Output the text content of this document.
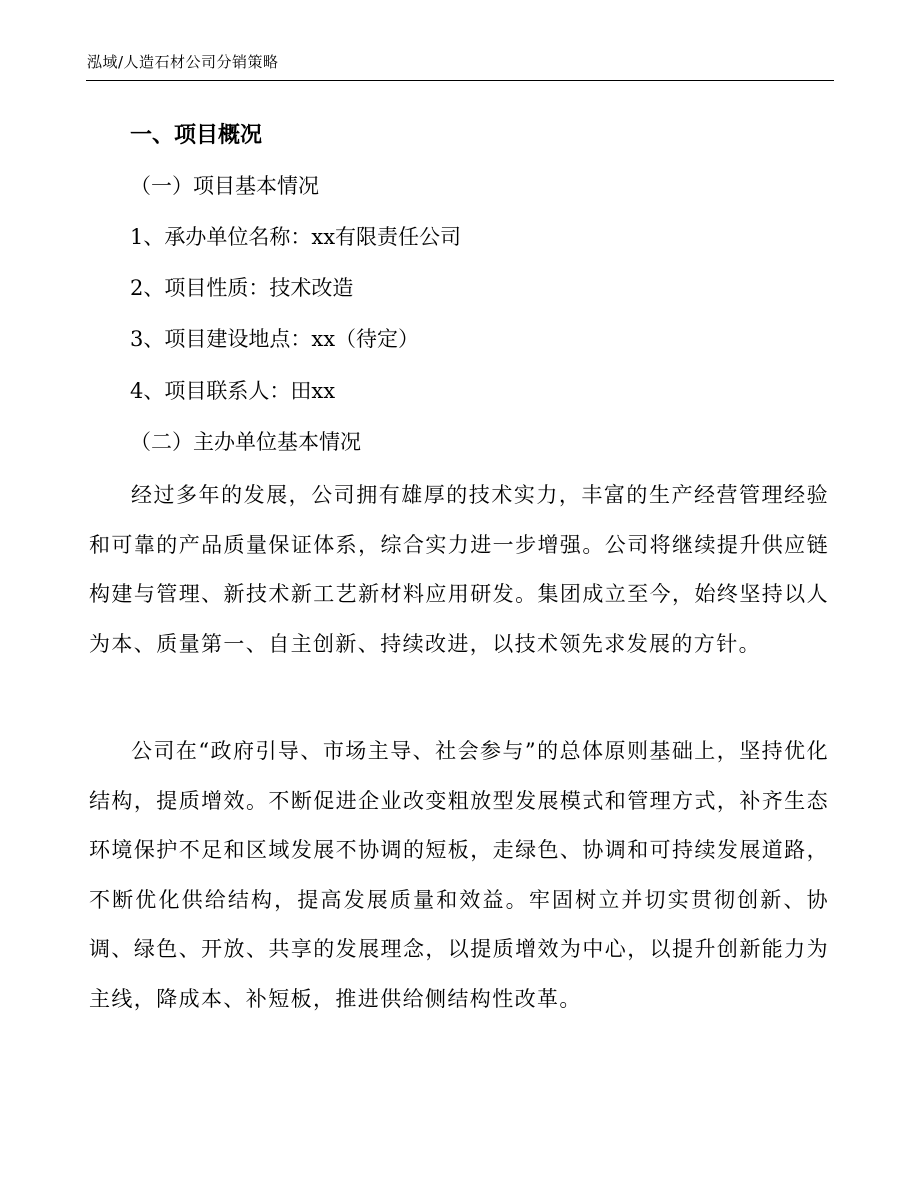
泓域/人造石材公司分销策略
一、项目概况
（一）项目基本情况
1、承办单位名称：xx有限责任公司
2、项目性质：技术改造
3、项目建设地点：xx（待定）
4、项目联系人：田xx
（二）主办单位基本情况
经过多年的发展，公司拥有雄厚的技术实力，丰富的生产经营管理经验和可靠的产品质量保证体系，综合实力进一步增强。公司将继续提升供应链构建与管理、新技术新工艺新材料应用研发。集团成立至今，始终坚持以人为本、质量第一、自主创新、持续改进，以技术领先求发展的方针。
公司在“政府引导、市场主导、社会参与”的总体原则基础上，坚持优化结构，提质增效。不断促进企业改变粗放型发展模式和管理方式，补齐生态环境保护不足和区域发展不协调的短板，走绿色、协调和可持续发展道路，不断优化供给结构，提高发展质量和效益。牢固树立并切实贯彻创新、协调、绿色、开放、共享的发展理念，以提质增效为中心，以提升创新能力为主线，降成本、补短板，推进供给侧结构性改革。
